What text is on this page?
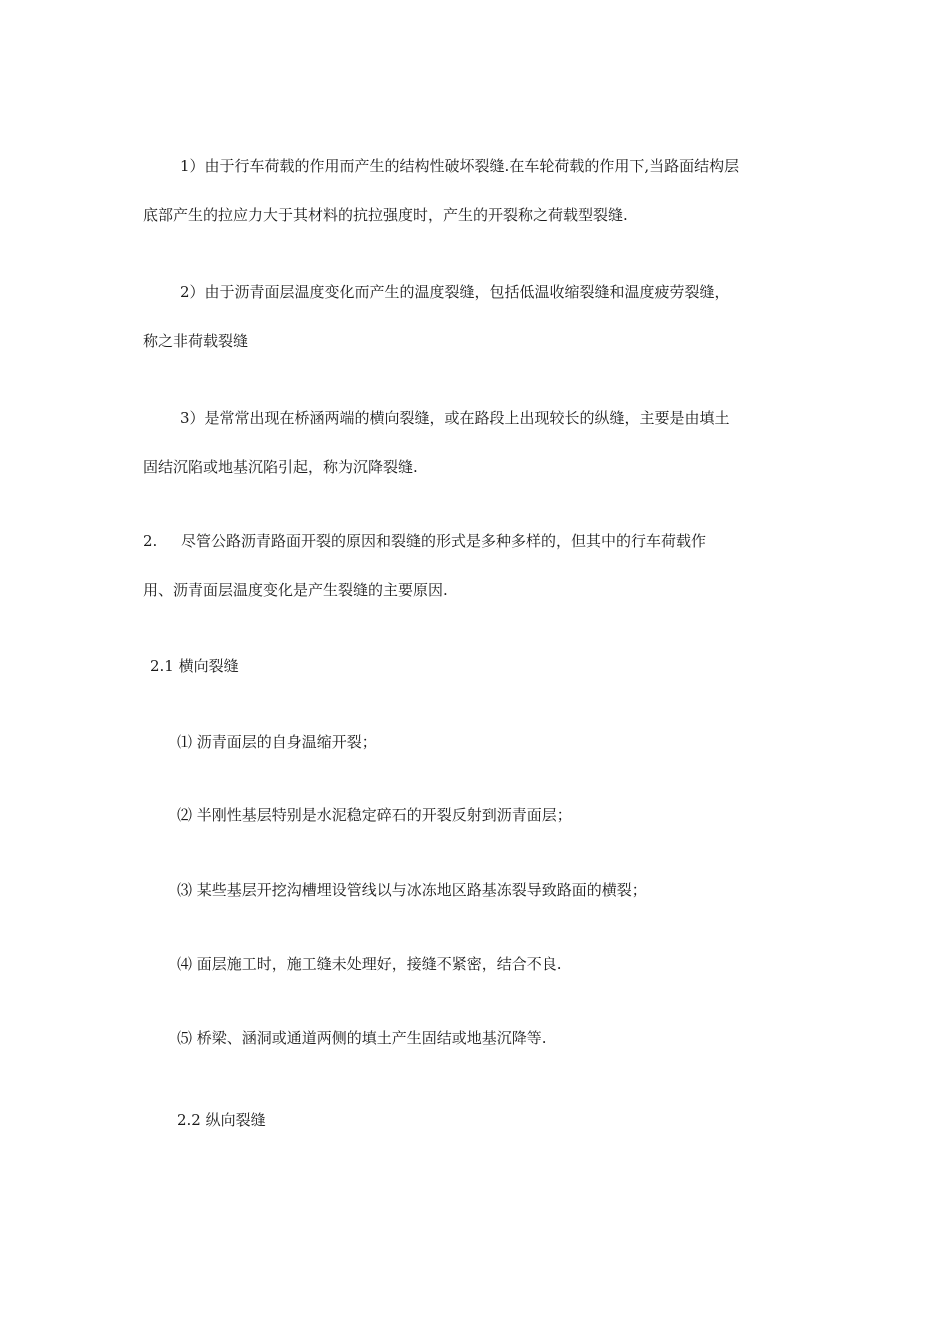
1）由于行车荷载的作用而产生的结构性破坏裂缝.在车轮荷载的作用下,当路面结构层

底部产生的拉应力大于其材料的抗拉强度时，产生的开裂称之荷载型裂缝.

2）由于沥青面层温度变化而产生的温度裂缝，包括低温收缩裂缝和温度疲劳裂缝，

称之非荷载裂缝

3）是常常出现在桥涵两端的横向裂缝，或在路段上出现较长的纵缝，主要是由填土

固结沉陷或地基沉陷引起，称为沉降裂缝.

2. 尽管公路沥青路面开裂的原因和裂缝的形式是多种多样的，但其中的行车荷载作

用、沥青面层温度变化是产生裂缝的主要原因.

2.1 横向裂缝

⑴ 沥青面层的自身温缩开裂；

⑵ 半刚性基层特别是水泥稳定碎石的开裂反射到沥青面层；

⑶ 某些基层开挖沟槽埋设管线以与冰冻地区路基冻裂导致路面的横裂；

⑷ 面层施工时，施工缝未处理好，接缝不紧密，结合不良.

⑸ 桥梁、涵洞或通道两侧的填土产生固结或地基沉降等.

2.2 纵向裂缝
